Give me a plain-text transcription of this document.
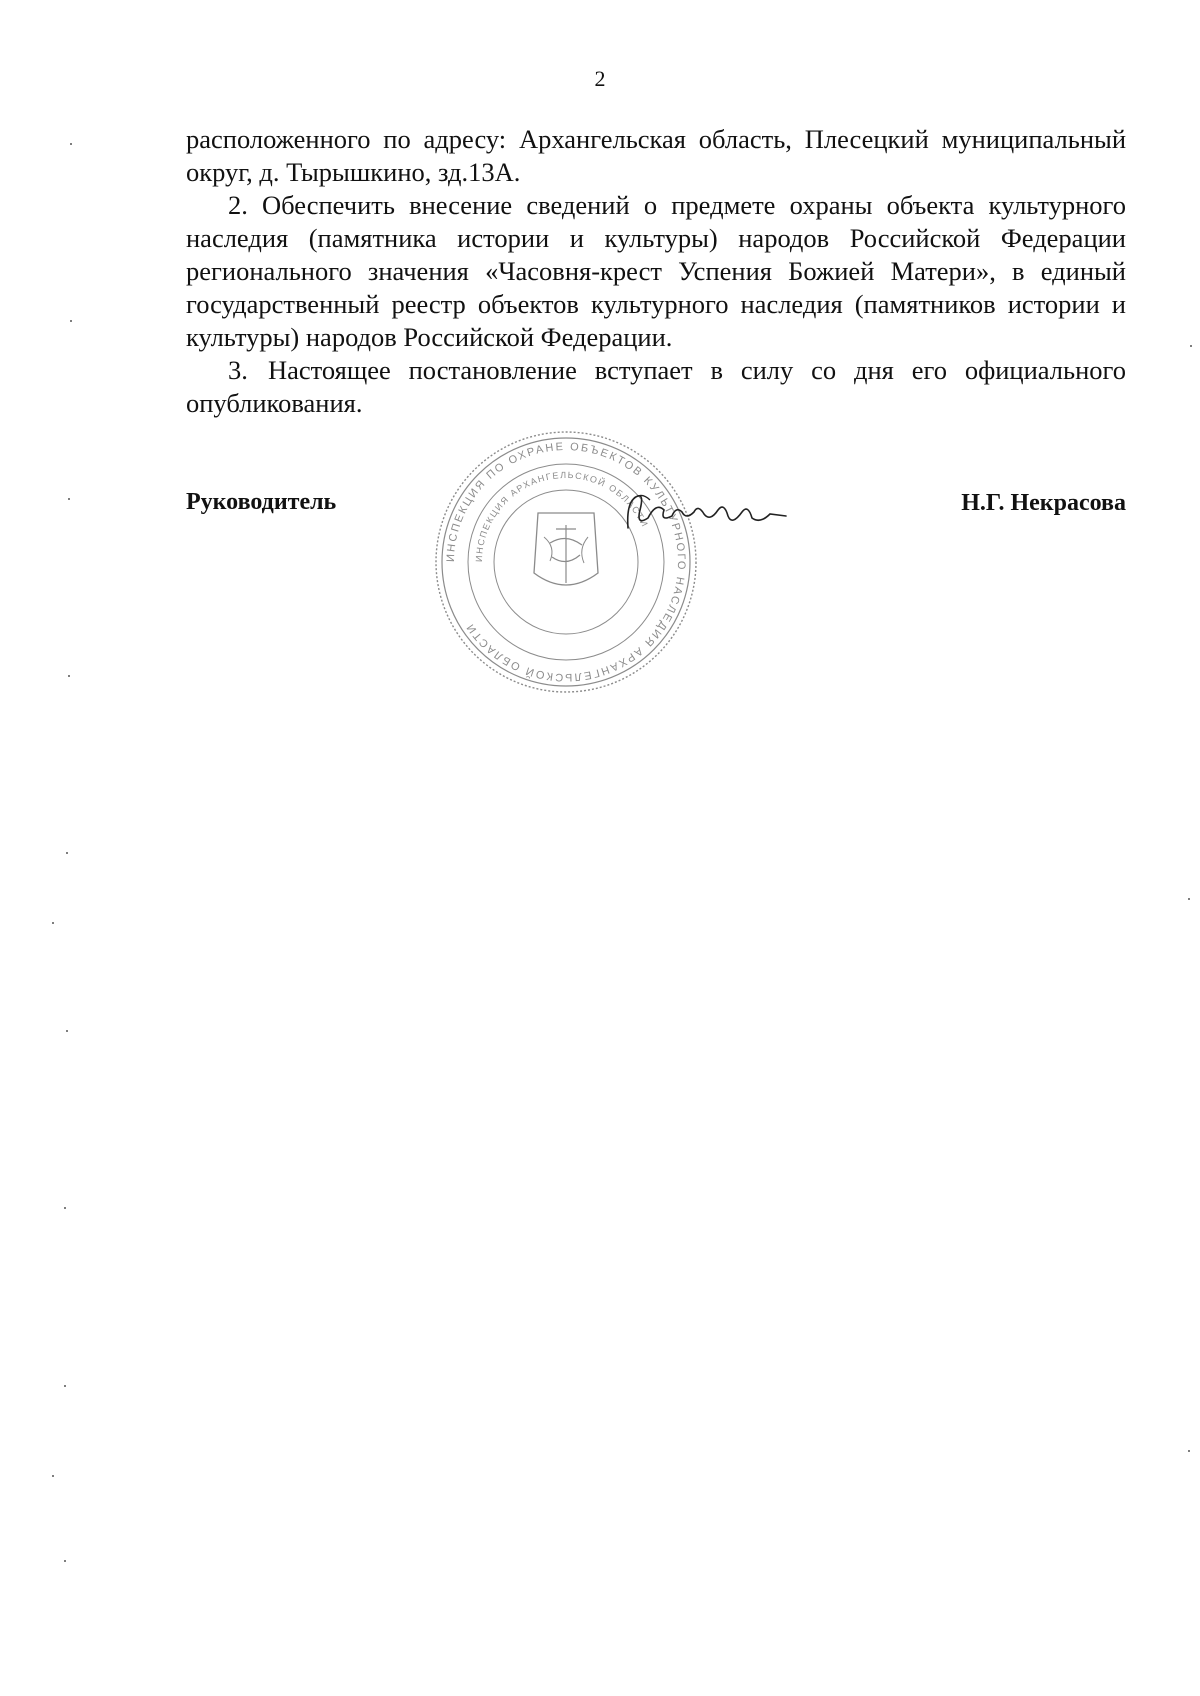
2

расположенного по адресу: Архангельская область, Плесецкий муниципальный округ, д. Тырышкино, зд.13А.

2. Обеспечить внесение сведений о предмете охраны объекта культурного наследия (памятника истории и культуры) народов Российской Федерации регионального значения «Часовня-крест Успения Божией Матери», в единый государственный реестр объектов культурного наследия (памятников истории и культуры) народов Российской Федерации.

3. Настоящее постановление вступает в силу со дня его официального опубликования.

Руководитель
ИНСПЕКЦИЯ ПО ОХРАНЕ ОБЪЕКТОВ КУЛЬТУРНОГО НАСЛЕДИЯ АРХАНГЕЛЬСКОЙ ОБЛАСТИ
ИНСПЕКЦИЯ АРХАНГЕЛЬСКОЙ ОБЛАСТИ
Н.Г. Некрасова
